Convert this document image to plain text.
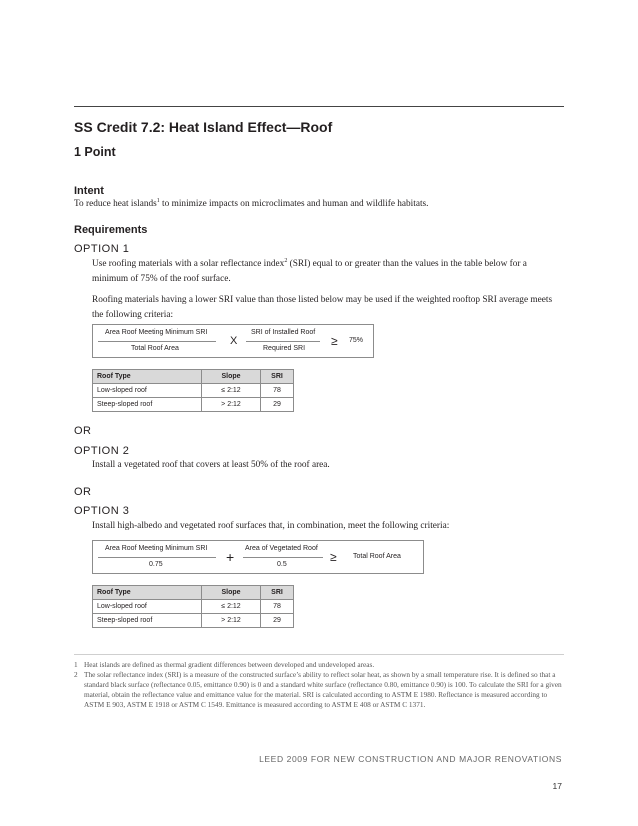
SS Credit 7.2: Heat Island Effect—Roof
1 Point
Intent
To reduce heat islands$^1$ to minimize impacts on microclimates and human and wildlife habitats.
Requirements
OPTION 1
Use roofing materials with a solar reflectance index$^2$ (SRI) equal to or greater than the values in the table below for a minimum of 75% of the roof surface.
Roofing materials having a lower SRI value than those listed below may be used if the weighted rooftop SRI average meets the following criteria:
Area Roof Meeting Minimum SRI
Total Roof Area
X
SRI of Installed Roof
Required SRI
≥ 75%
Roof Type	Slope	SRI
Low-sloped roof	≤ 2:12	78
Steep-sloped roof	> 2:12	29
OR
OPTION 2
Install a vegetated roof that covers at least 50% of the roof area.
OR
OPTION 3
Install high-albedo and vegetated roof surfaces that, in combination, meet the following criteria:
Area Roof Meeting Minimum SRI
0.75	+
Area of Vegetated Roof
0.5
≥ Total Roof Area
Roof Type	Slope	SRI
Low-sloped roof	≤ 2:12	78
Steep-sloped roof	> 2:12	29
1 Heat islands are defined as thermal gradient differences between developed and undeveloped areas.
2 The solar reflectance index (SRI) is a measure of the constructed surface’s ability to reflect solar heat, as shown by a small temperature rise. It is defined so that a standard black surface (reflectance 0.05, emittance 0.90) is 0 and a standard white surface (reflectance 0.80, emittance 0.90) is 100. To calculate the SRI for a given material, obtain the reflectance value and emittance value for the material. SRI is calculated according to ASTM E 1980. Reflectance is measured according to ASTM E 903, ASTM E 1918 or ASTM C 1549. Emittance is measured according to ASTM E 408 or ASTM C 1371.
LEED 2009 FOR NEW CONSTRUCTION AND MAJOR RENOVATIONS
17
